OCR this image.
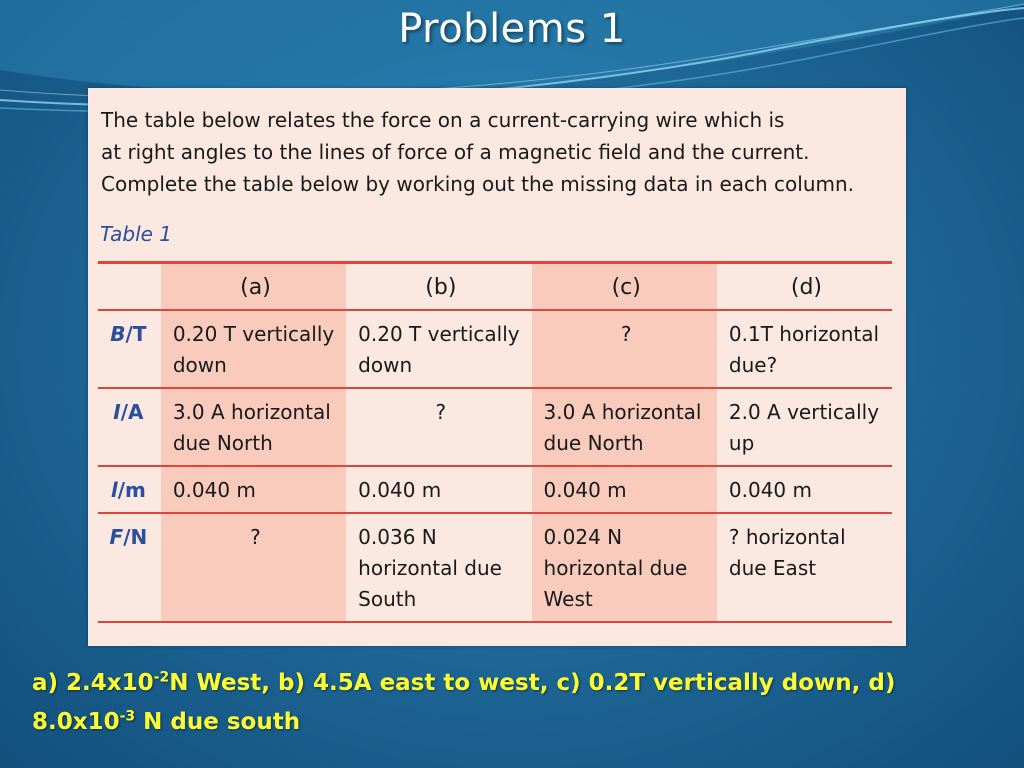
Problems 1
The table below relates the force on a current-carrying wire which is
at right angles to the lines of force of a magnetic field and the current.
Complete the table below by working out the missing data in each column.
Table 1
	(a)	(b)	(c)	(d)
B/T	0.20 T vertically down	0.20 T vertically down	?	0.1T horizontal due?
I/A	3.0 A horizontal due North	?	3.0 A horizontal due North	2.0 A vertically up
l/m	0.040 m	0.040 m	0.040 m	0.040 m
F/N	?	0.036 N horizontal due South	0.024 N horizontal due West	? horizontal due East
a) $2.4x10^{-2}N$ West, b) 4.5A east to west, c) 0.2T vertically down, d)
$8.0x10^{-3}$ N due south
